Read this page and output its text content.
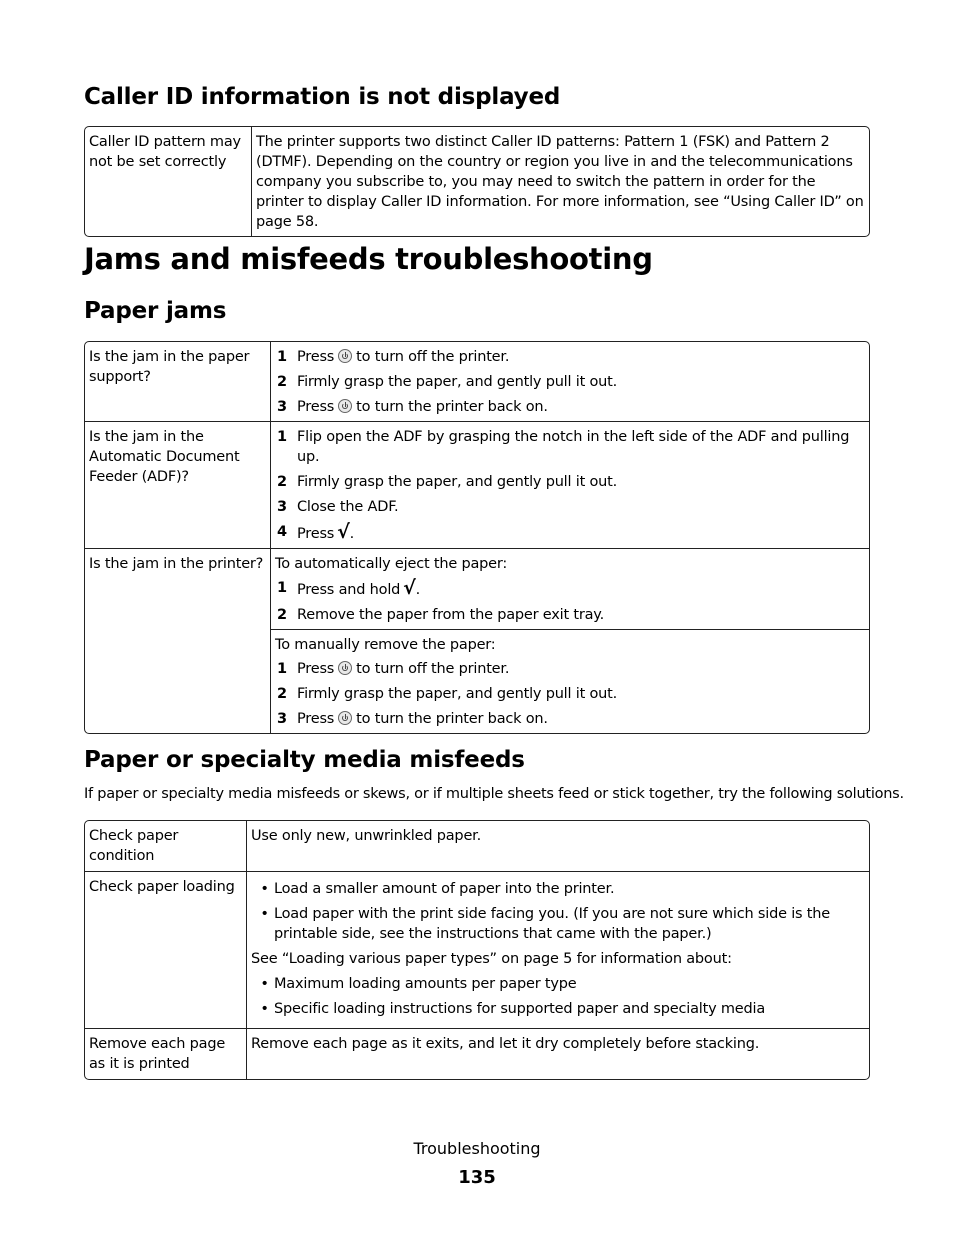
Caller ID information is not displayed
Caller ID pattern may not be set correctly
The printer supports two distinct Caller ID patterns: Pattern 1 (FSK) and Pattern 2 (DTMF). Depending on the country or region you live in and the telecommunications company you subscribe to, you may need to switch the pattern in order for the printer to display Caller ID information. For more information, see “Using Caller ID” on page 58.
Jams and misfeeds troubleshooting
Paper jams
Is the jam in the paper support?
1 Press to turn off the printer.
2 Firmly grasp the paper, and gently pull it out.
3 Press to turn the printer back on.
Is the jam in the Automatic Document Feeder (ADF)?
1 Flip open the ADF by grasping the notch in the left side of the ADF and pulling up.
2 Firmly grasp the paper, and gently pull it out.
3 Close the ADF.
4 Press √.
Is the jam in the printer? To automatically eject the paper:
1 Press and hold √.
2 Remove the paper from the paper exit tray.
To manually remove the paper:
1 Press to turn off the printer.
2 Firmly grasp the paper, and gently pull it out.
3 Press to turn the printer back on.
Paper or specialty media misfeeds
If paper or specialty media misfeeds or skews, or if multiple sheets feed or stick together, try the following solutions.
Check paper condition
Use only new, unwrinkled paper.
Check paper loading	• Load a smaller amount of paper into the printer.
• Load paper with the print side facing you. (If you are not sure which side is the printable side, see the instructions that came with the paper.)
See “Loading various paper types” on page 5 for information about:
• Maximum loading amounts per paper type
• Specific loading instructions for supported paper and specialty media
Remove each page as it is printed
Remove each page as it exits, and let it dry completely before stacking.
Troubleshooting
135
